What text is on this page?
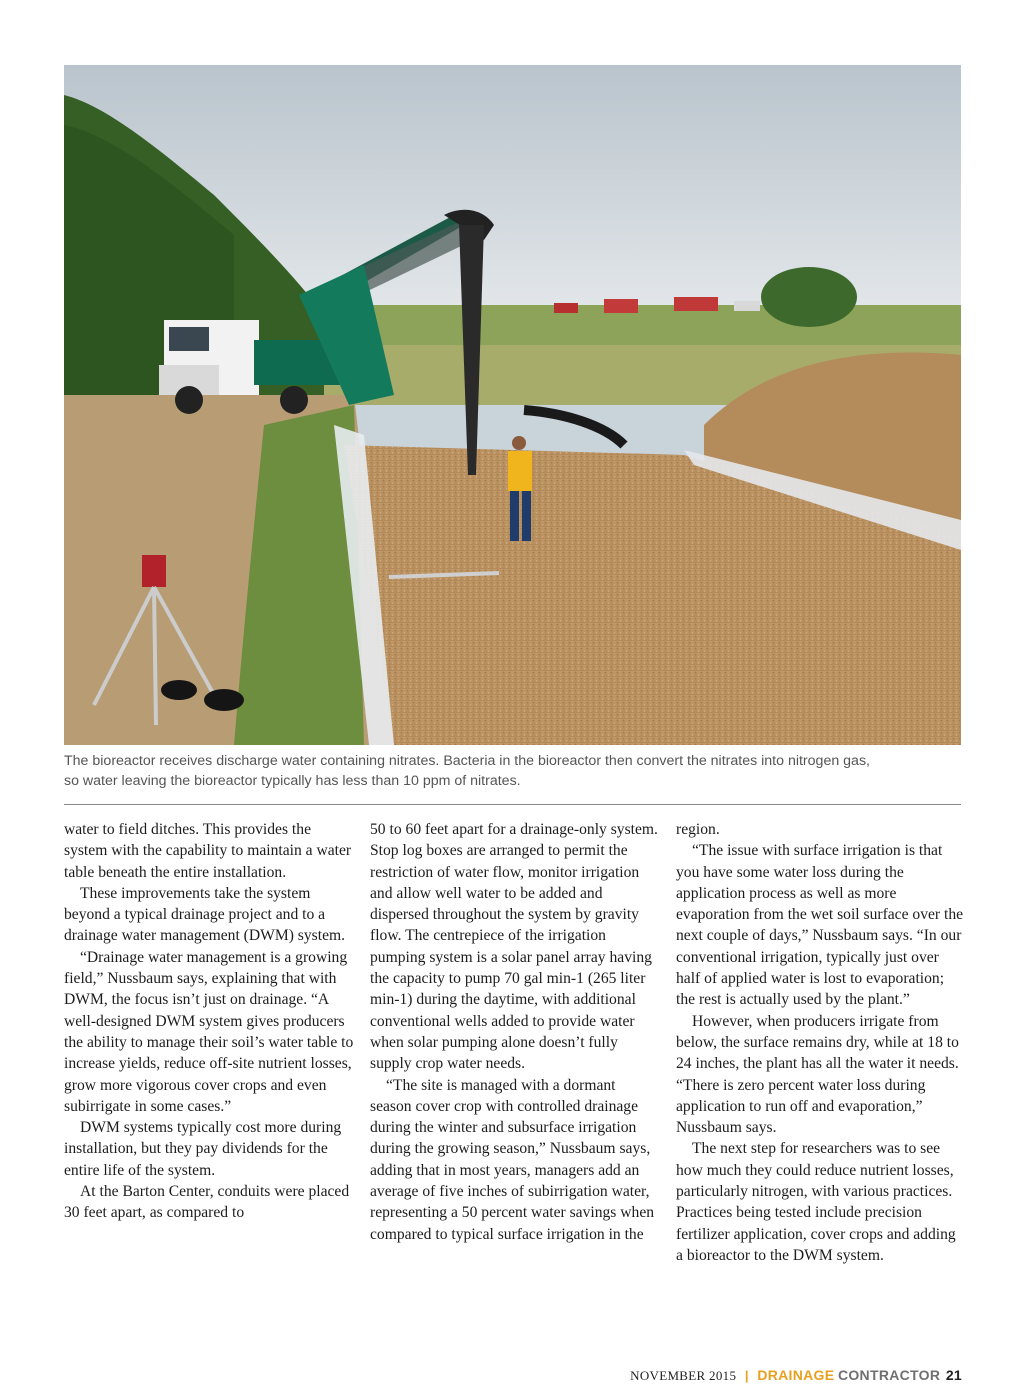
The bioreactor receives discharge water containing nitrates. Bacteria in the bioreactor then convert the nitrates into nitrogen gas,
so water leaving the bioreactor typically has less than 10 ppm of nitrates.

water to field ditches. This provides the system with the capability to maintain a water table beneath the entire installation.

These improvements take the system beyond a typical drainage project and to a drainage water management (DWM) system.

“Drainage water management is a growing field,” Nussbaum says, explaining that with DWM, the focus isn’t just on drainage. “A well-designed DWM system gives producers the ability to manage their soil’s water table to increase yields, reduce off-site nutrient losses, grow more vigorous cover crops and even subirrigate in some cases.”

DWM systems typically cost more during installation, but they pay dividends for the entire life of the system.

At the Barton Center, conduits were placed 30 feet apart, as compared to

50 to 60 feet apart for a drainage-only system. Stop log boxes are arranged to permit the restriction of water flow, monitor irrigation and allow well water to be added and dispersed throughout the system by gravity flow. The centrepiece of the irrigation pumping system is a solar panel array having the capacity to pump 70 gal min-1 (265 liter min-1) during the daytime, with additional conventional wells added to provide water when solar pumping alone doesn’t fully supply crop water needs.

“The site is managed with a dormant season cover crop with controlled drainage during the winter and subsurface irrigation during the growing season,” Nussbaum says, adding that in most years, managers add an average of five inches of subirrigation water, representing a 50 percent water savings when compared to typical surface irrigation in the

region.

“The issue with surface irrigation is that you have some water loss during the application process as well as more evaporation from the wet soil surface over the next couple of days,” Nussbaum says. “In our conventional irrigation, typically just over half of applied water is lost to evaporation; the rest is actually used by the plant.”

However, when producers irrigate from below, the surface remains dry, while at 18 to 24 inches, the plant has all the water it needs. “There is zero percent water loss during application to run off and evaporation,” Nussbaum says.

The next step for researchers was to see how much they could reduce nutrient losses, particularly nitrogen, with various practices. Practices being tested include precision fertilizer application, cover crops and adding a bioreactor to the DWM system.

NOVEMBER 2015 | DRAINAGE CONTRACTOR 21
